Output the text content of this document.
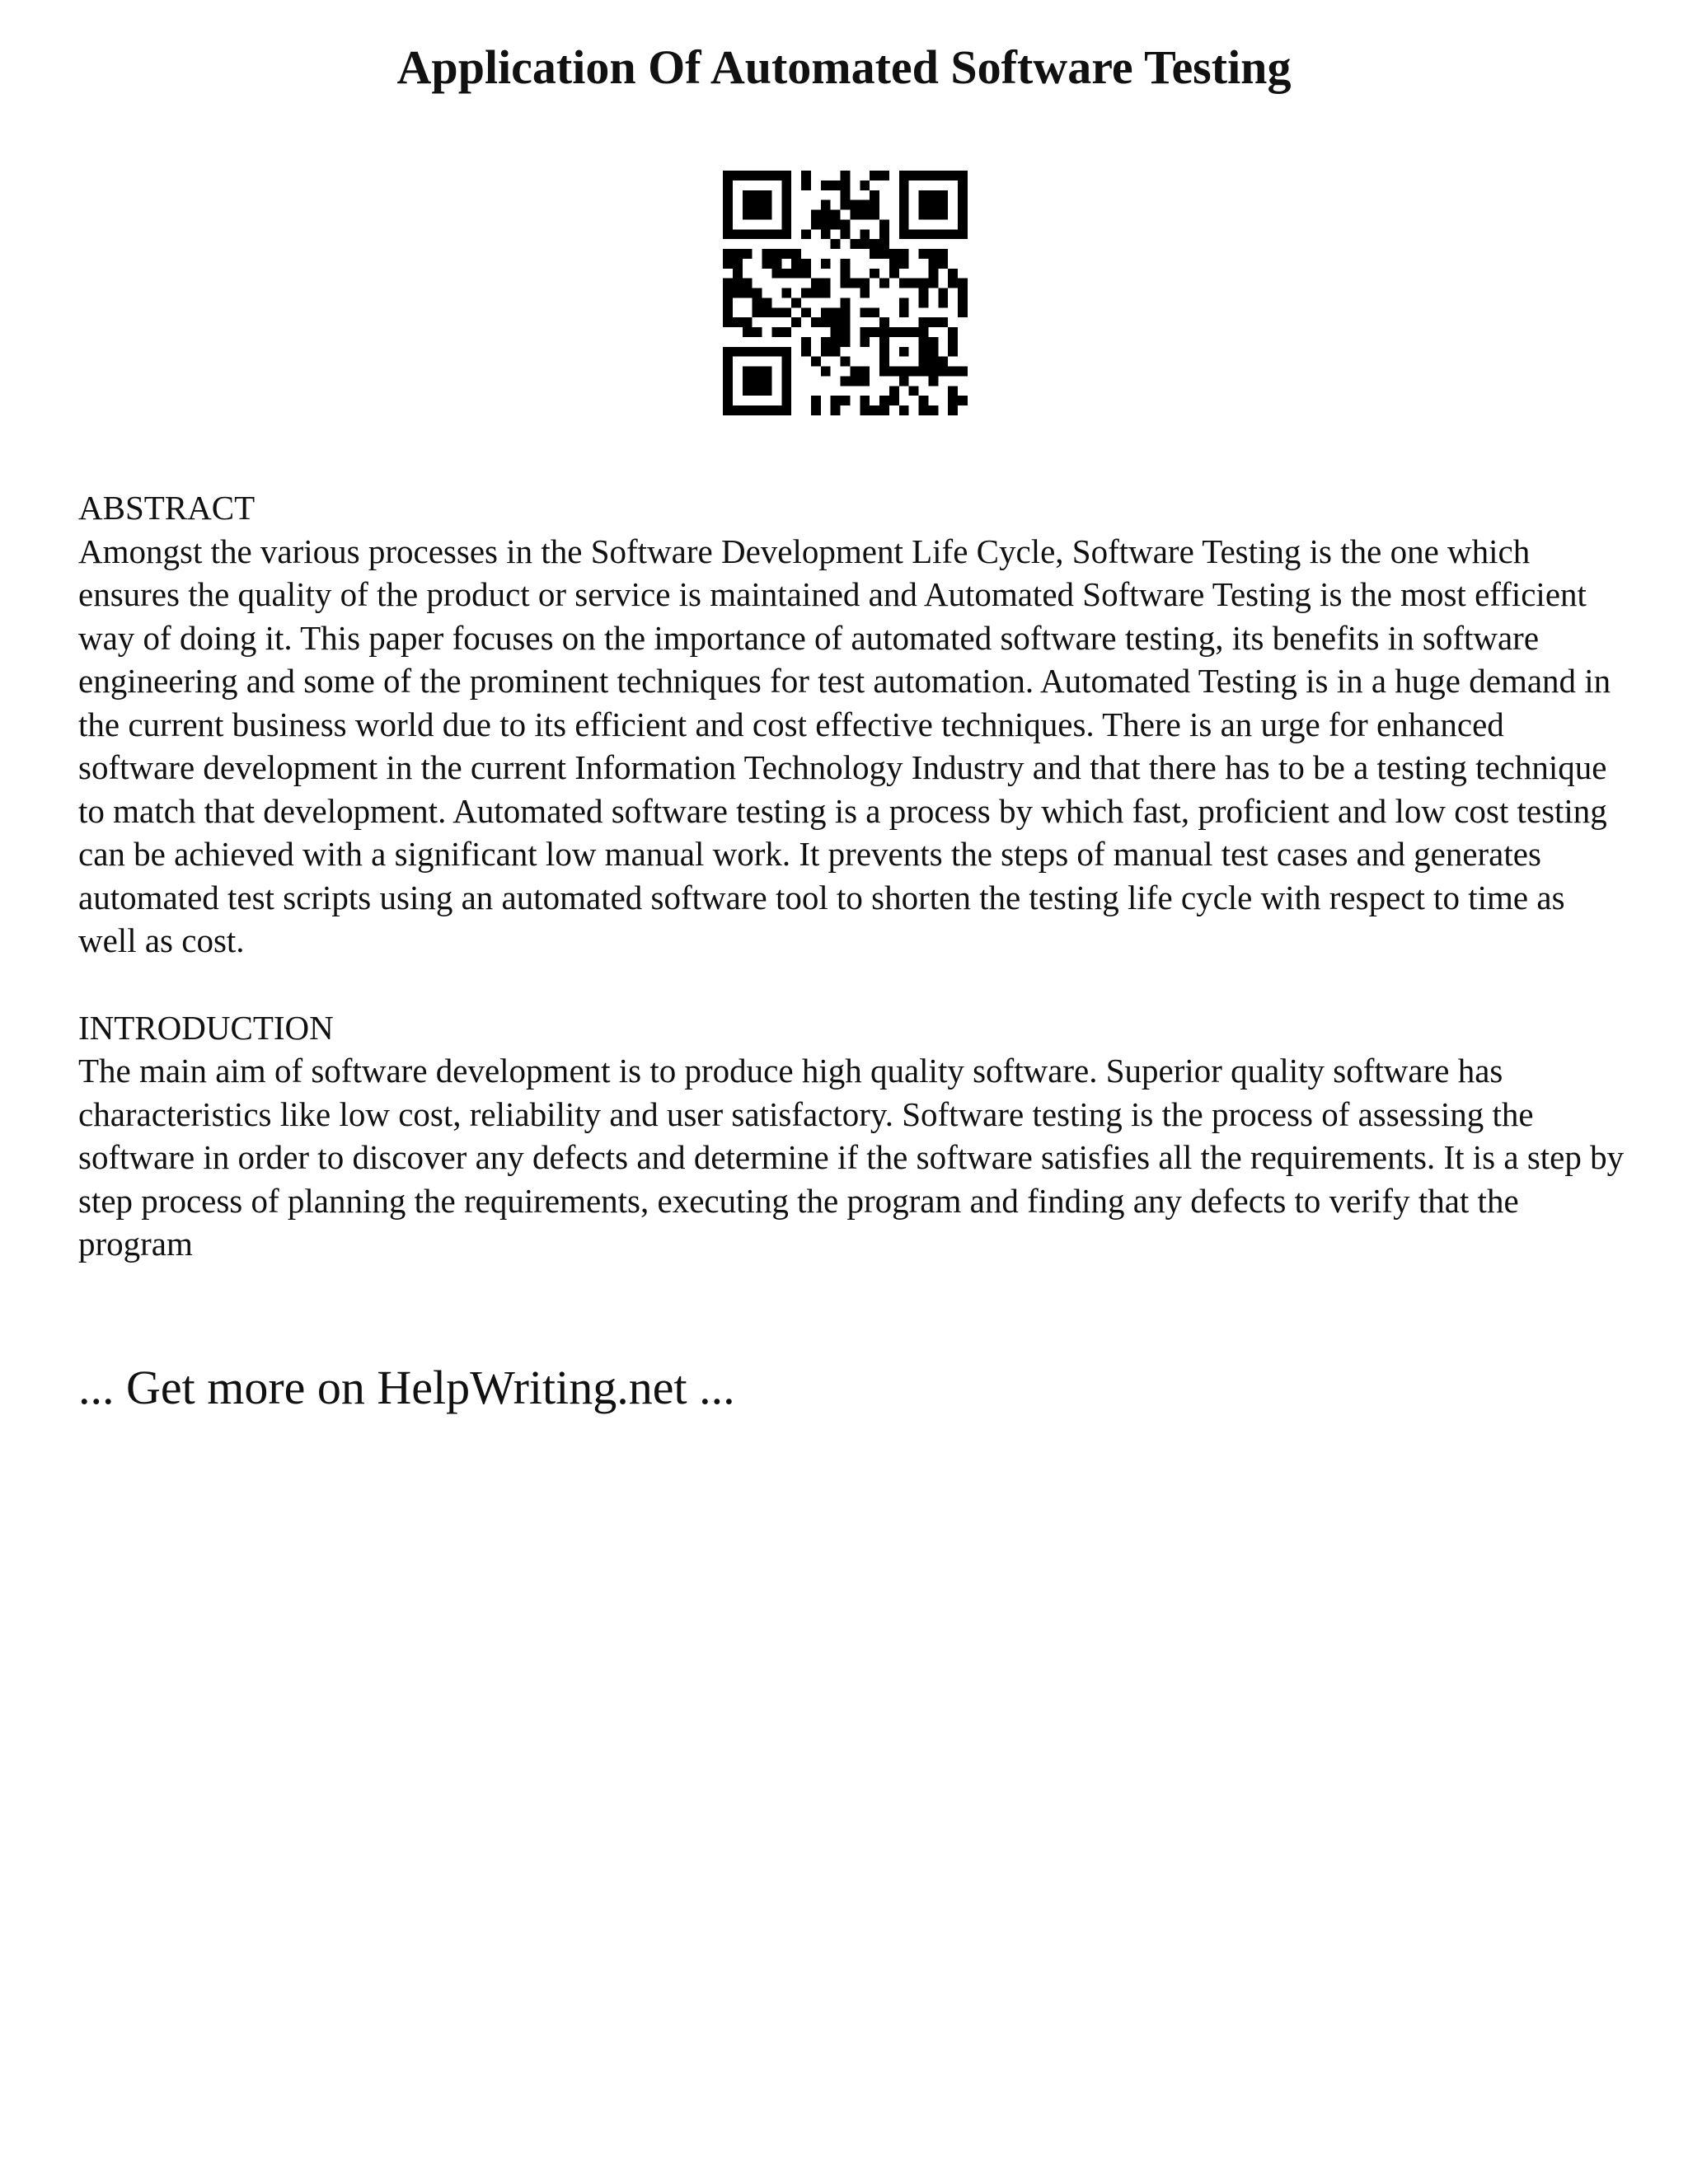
Application Of Automated Software Testing
ABSTRACT

Amongst the various processes in the Software Development Life Cycle, Software Testing is the one which ensures the quality of the product or service is maintained and Automated Software Testing is the most efficient way of doing it. This paper focuses on the importance of automated software testing, its benefits in software engineering and some of the prominent techniques for test automation. Automated Testing is in a huge demand in the current business world due to its efficient and cost effective techniques. There is an urge for enhanced software development in the current Information Technology Industry and that there has to be a testing technique to match that development. Automated software testing is a process by which fast, proficient and low cost testing can be achieved with a significant low manual work. It prevents the steps of manual test cases and generates automated test scripts using an automated software tool to shorten the testing life cycle with respect to time as well as cost.

INTRODUCTION

The main aim of software development is to produce high quality software. Superior quality software has characteristics like low cost, reliability and user satisfactory. Software testing is the process of assessing the software in order to discover any defects and determine if the software satisfies all the requirements. It is a step by step process of planning the requirements, executing the program and finding any defects to verify that the program

... Get more on HelpWriting.net ...
